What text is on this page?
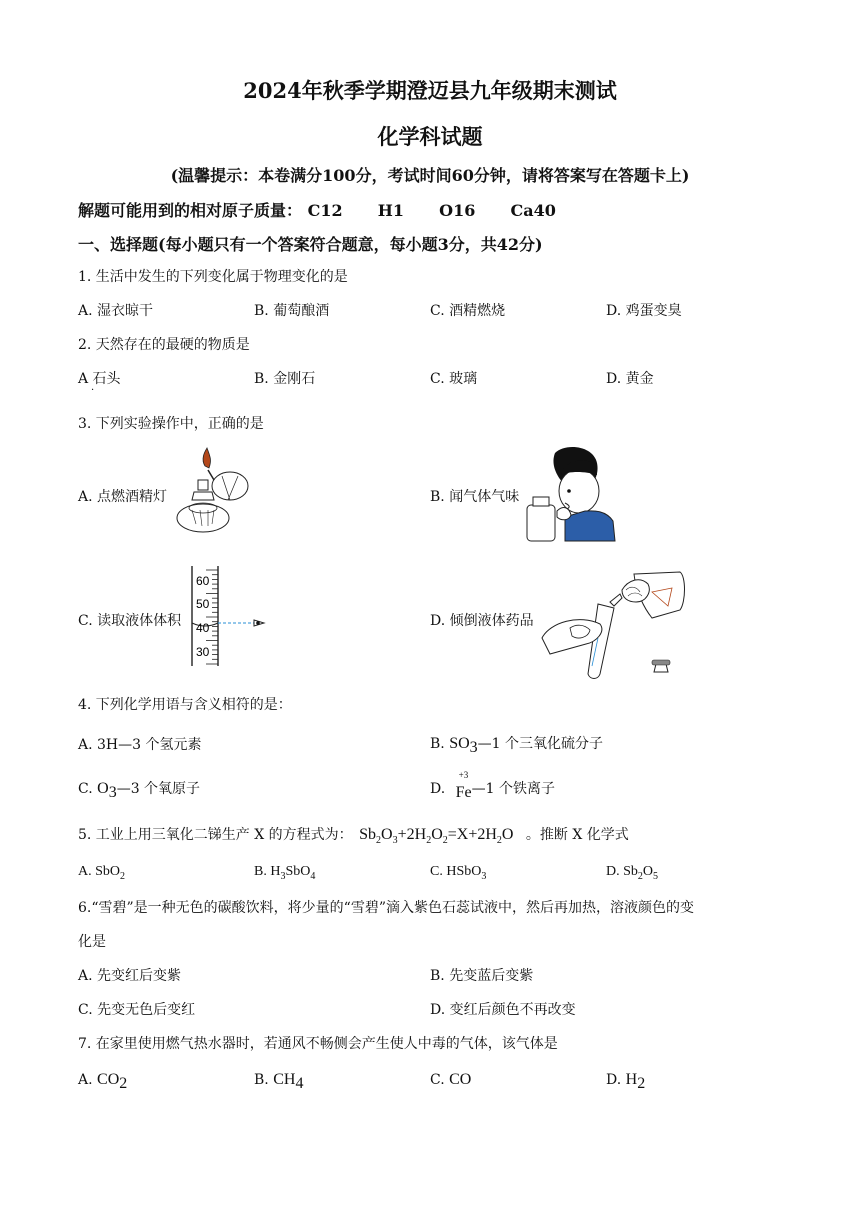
2024年秋季学期澄迈县九年级期末测试
化学科试题
(温馨提示：本卷满分100分，考试时间60分钟，请将答案写在答题卡上)
解题可能用到的相对原子质量： C12 H1 O16 Ca40
一、选择题(每小题只有一个答案符合题意，每小题3分，共42分)
1. 生活中发生的下列变化属于物理变化的是
A. 湿衣晾干	B. 葡萄酿酒	C. 酒精燃烧	D. 鸡蛋变臭
2. 天然存在的最硬的物质是
A 石头
·
B. 金刚石	C. 玻璃	D. 黄金
3. 下列实验操作中，正确的是
A. 点燃酒精灯	B. 闻气体气味
C. 读取液体体积	D. 倾倒液体药品
60
50
40
30
4. 下列化学用语与含义相符的是：
A. 3H—3 个氢元素	B. SO3—1 个三氧化硫分子
C. O3—3 个氧原子	D.
+3
Fe—1 个铁离子
5. 工业上用三氧化二锑生产 X 的方程式为： $Sb_2O_3+2H_2O_2=X+2H_2O$ 。推断 X 化学式
A. SbO$_2$	B. $H_3SbO_4$	C. HSbO$_3$	D. $Sb_2O_5$
6.“雪碧”是一种无色的碳酸饮料，将少量的“雪碧”滴入紫色石蕊试液中，然后再加热，溶液颜色的变
化是
A. 先变红后变紫	B. 先变蓝后变紫
C. 先变无色后变红	D. 变红后颜色不再改变
7. 在家里使用燃气热水器时，若通风不畅侧会产生使人中毒的气体，该气体是
A. CO2	B. CH4	C. CO	D. H2
